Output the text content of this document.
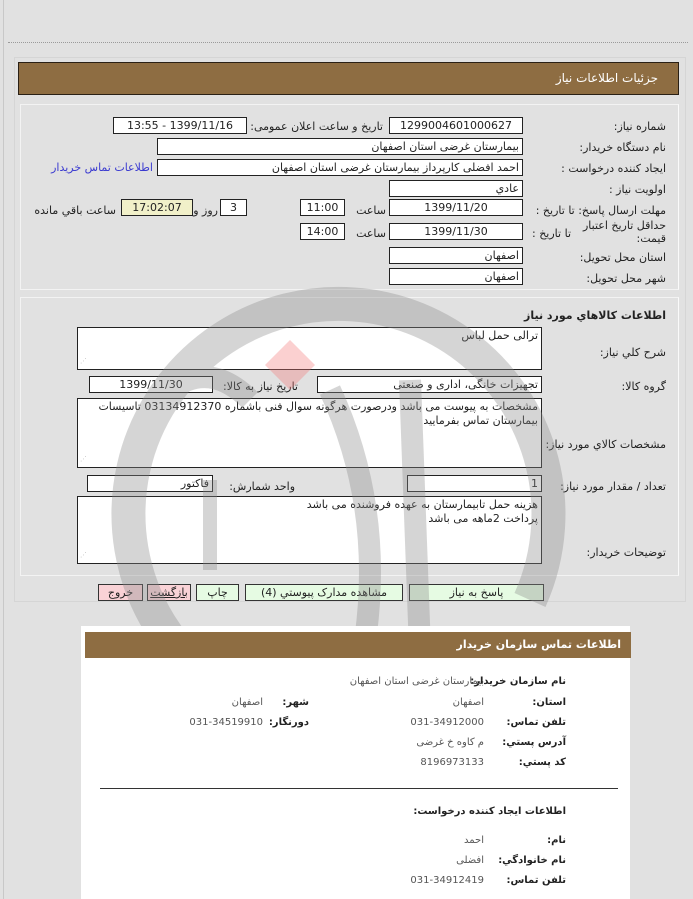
جزئيات اطلاعات نياز
شماره نياز:
1299004601000627
تاريخ و ساعت اعلان عمومی:
1399/11/16 - 13:55
نام دستگاه خريدار:
بیمارستان غرضی استان اصفهان
ايجاد کننده درخواست :
احمد افضلی کارپرداز بیمارستان غرضی استان اصفهان
اطلاعات تماس خريدار
اولويت نياز :
عادي
مهلت ارسال پاسخ: تا تاريخ :
1399/11/20
ساعت
11:00
3
روز و
17:02:07
ساعت باقي مانده
حداقل تاريخ اعتبار
قيمت:
تا تاريخ :
1399/11/30
ساعت
14:00
استان محل تحويل:
اصفهان
شهر محل تحويل:
اصفهان
اطلاعات کالاهاي مورد نياز
شرح کلي نياز:
ترالی حمل لباس
⋰
گروه کالا:
تجهیزات خانگی، اداری و صنعتی
تاريخ نياز به کالا:
1399/11/30
مشخصات کالاي مورد نياز:
مشخصات به پیوست می باشد ودرصورت هرگونه سوال فنی باشماره 03134912370 تاسیسات بیمارستان تماس بفرمایید
⋰
تعداد / مقدار مورد نياز:
1
واحد شمارش:
فاکتور
توضيحات خريدار:
هزینه حمل تابیمارستان به عهده فروشنده می باشد
پرداخت 2ماهه می باشد
⋰
پاسخ به نياز
مشاهده مدارک پيوستي (4)
چاپ
بازگشت
خروج
اطلاعات تماس سازمان خريدار
نام سازمان خريدار:
بیمارستان غرضی استان اصفهان
استان:
اصفهان
شهر:
اصفهان
تلفن تماس:
031-34912000
دورنگار:
031-34519910
آدرس پستي:
م کاوه خ غرضی
کد پستي:
8196973133
اطلاعات ايجاد کننده درخواست:
نام:
احمد
نام خانوادگي:
افضلی
تلفن تماس:
031-34912419
